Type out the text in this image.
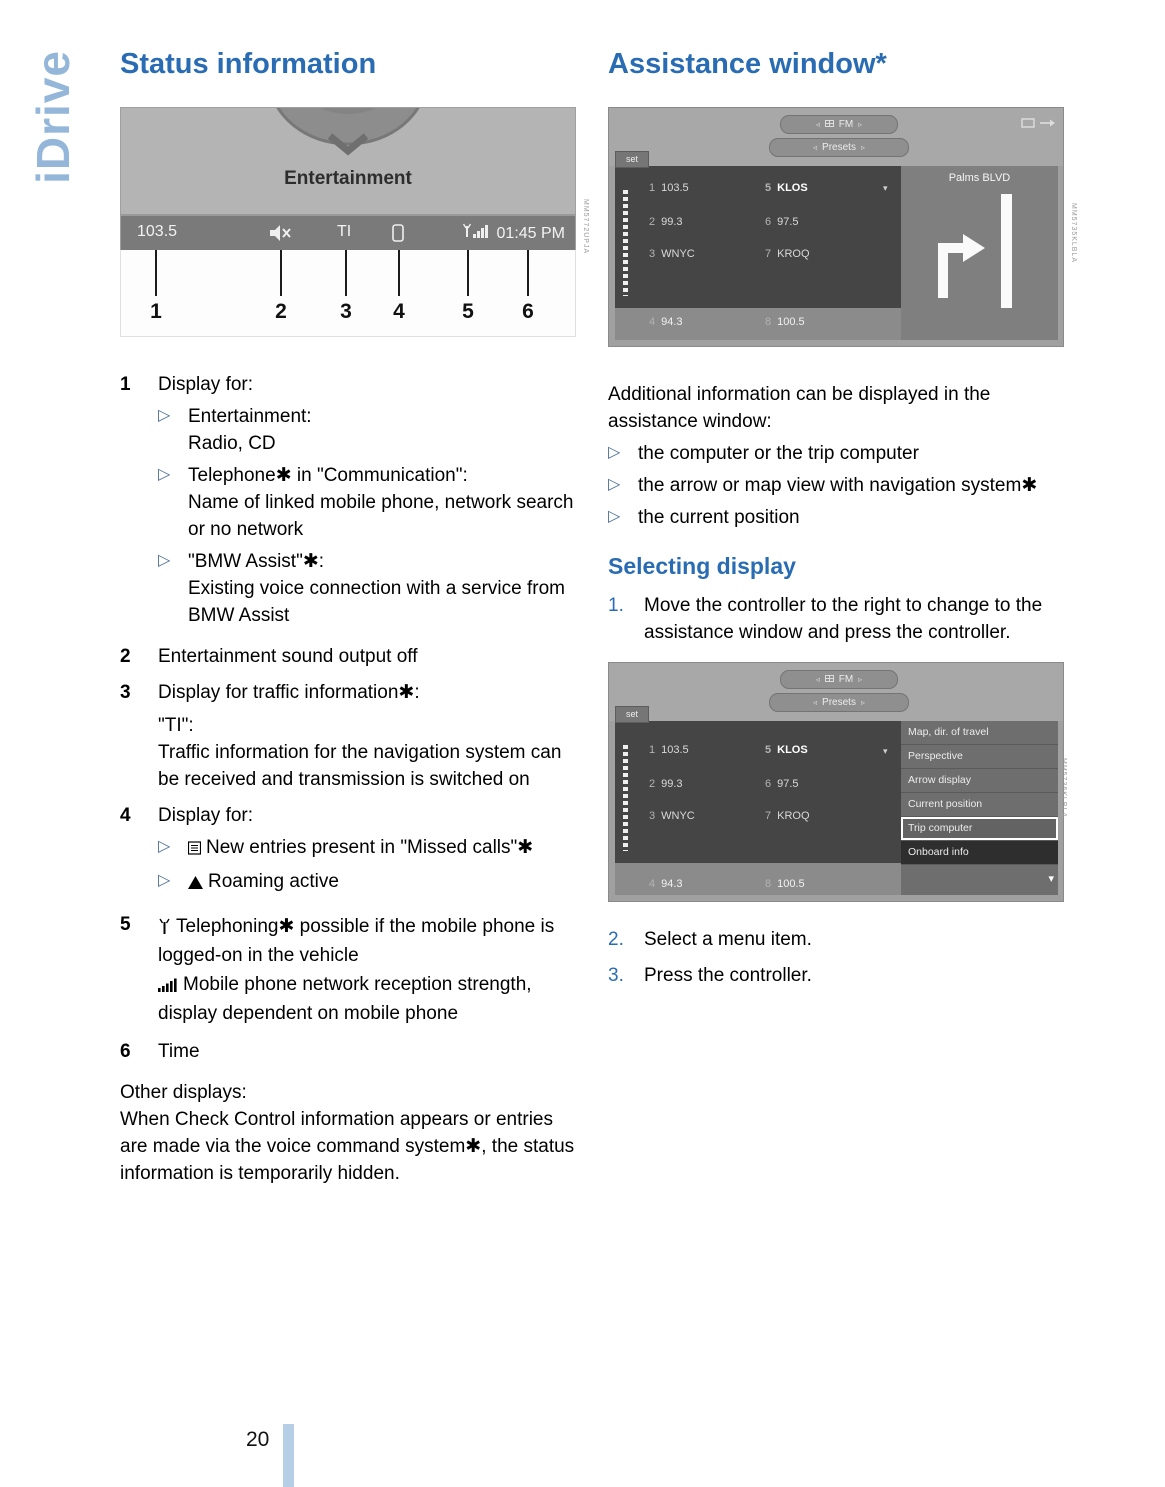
iDrive Status information
Entertainment
103.5	TI	01:45 PM
1	2	3	4	5	6
MM5772UPJA
1	Display for:
▷ Entertainment:
Radio, CD
▷ Telephone✱ in "Communication":
Name of linked mobile phone, network search or no network
▷ "BMW Assist"✱:
Existing voice connection with a service from BMW Assist
2	Entertainment sound output off
3	Display for traffic information✱:
"TI":
Traffic information for the navigation system can be received and transmission is switched on
4	Display for:
▷	New entries present in "Missed calls"✱
▷	Roaming active
5	Telephoning✱ possible if the mobile phone is logged-on in the vehicle
Mobile phone network reception strength, display dependent on mobile phone
6	Time
Other displays:
When Check Control information appears or entries are made via the voice command system✱, the status information is temporarily hidden.
Assistance window*
◃ FM ▹
◃ Presets ▹
set
1 103.5	5 KLOS	▾
2 99.3	6 97.5
3 WNYC	7 KROQ
4 94.3	8 100.5
Palms BLVD
MM5735KLBLA
Additional information can be displayed in the assistance window:
▷ the computer or the trip computer
▷ the arrow or map view with navigation system✱
▷ the current position
Selecting display
1.	Move the controller to the right to change to the assistance window and press the controller.
◃ FM ▹
◃ Presets ▹
set
1 103.5	5 KLOS	▾
2 99.3	6 97.5
3 WNYC	7 KROQ
4 94.3	8 100.5
Map, dir. of travel
Perspective
Arrow display
Current position
Trip computer
Onboard info
▾
MM5736KLBLA
2.	Select a menu item.
3.	Press the controller.
20
